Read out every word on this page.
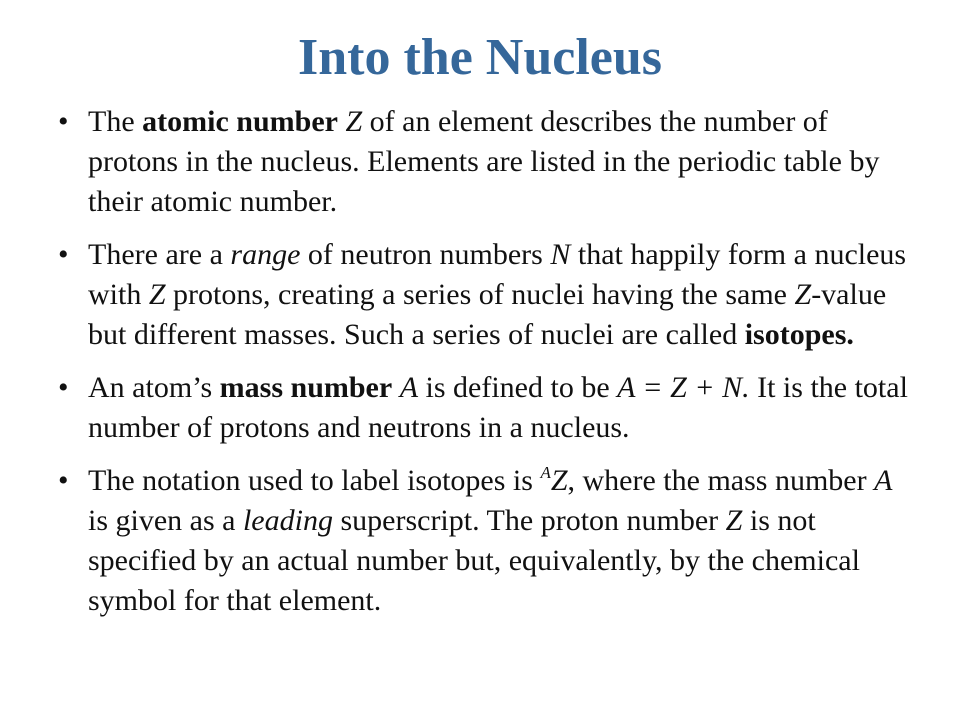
Into the Nucleus
• The atomic number Z of an element describes the number of protons in the nucleus. Elements are listed in the periodic table by their atomic number.
• There are a range of neutron numbers N that happily form a nucleus with Z protons, creating a series of nuclei having the same Z-value but different masses. Such a series of nuclei are called isotopes.
• An atom’s mass number A is defined to be A = Z + N. It is the total number of protons and neutrons in a nucleus.
• The notation used to label isotopes is $^A$Z, where the mass number A is given as a leading superscript. The proton number Z is not specified by an actual number but, equivalently, by the chemical symbol for that element.
